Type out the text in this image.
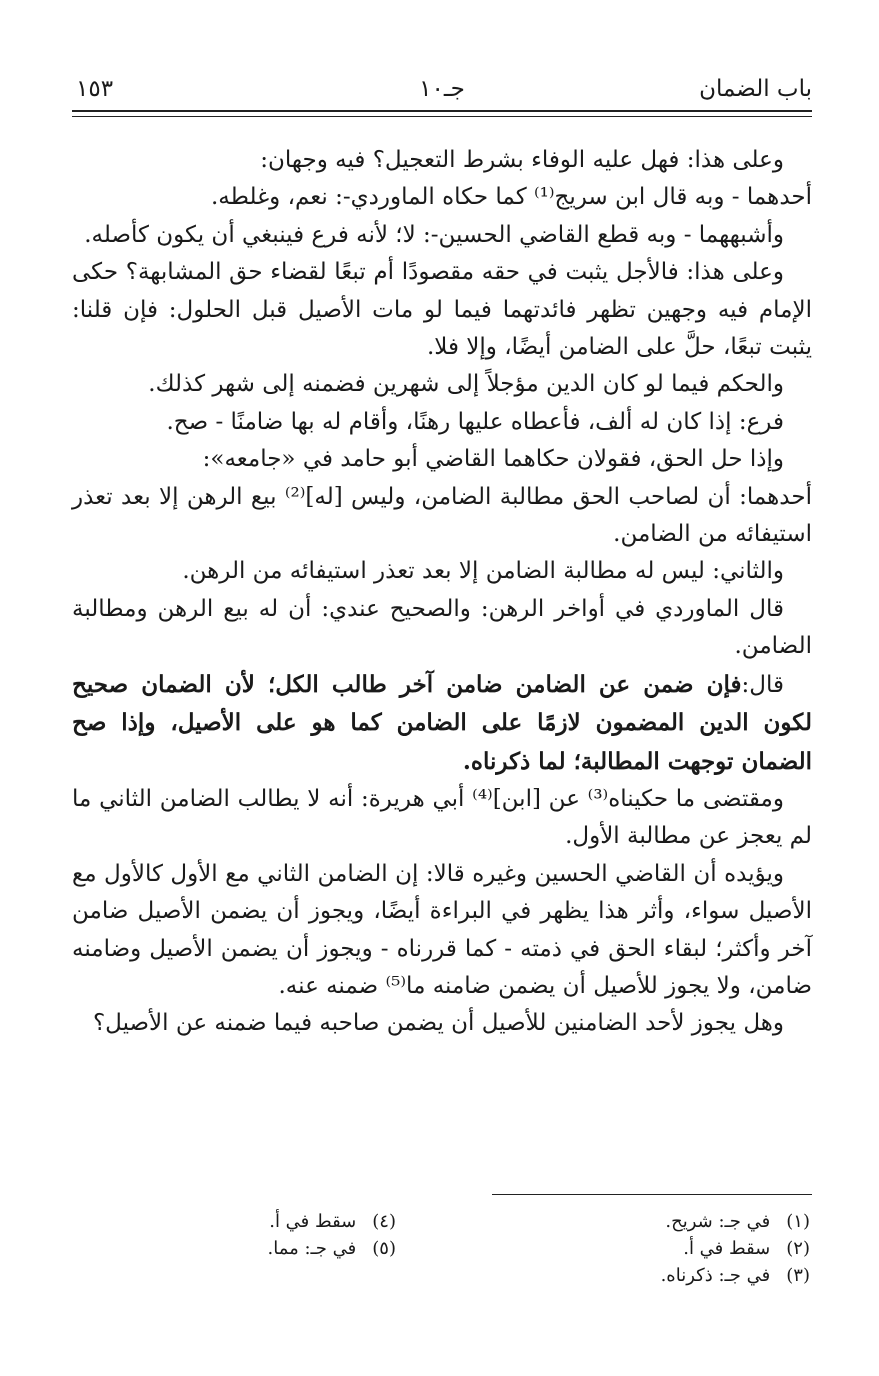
باب الضمان
جـ١٠
١٥٣

وعلى هذا: فهل عليه الوفاء بشرط التعجيل؟ فيه وجهان:

أحدهما - وبه قال ابن سريج⁽¹⁾ كما حكاه الماوردي-: نعم، وغلطه.

وأشبههما - وبه قطع القاضي الحسين-: لا؛ لأنه فرع فينبغي أن يكون كأصله.

وعلى هذا: فالأجل يثبت في حقه مقصودًا أم تبعًا لقضاء حق المشابهة؟ حكى الإمام فيه وجهين تظهر فائدتهما فيما لو مات الأصيل قبل الحلول: فإن قلنا: يثبت تبعًا، حلَّ على الضامن أيضًا، وإلا فلا.

والحكم فيما لو كان الدين مؤجلاً إلى شهرين فضمنه إلى شهر كذلك.

فرع: إذا كان له ألف، فأعطاه عليها رهنًا، وأقام له بها ضامنًا - صح.

وإذا حل الحق، فقولان حكاهما القاضي أبو حامد في «جامعه»:

أحدهما: أن لصاحب الحق مطالبة الضامن، وليس [له]⁽²⁾ بيع الرهن إلا بعد تعذر استيفائه من الضامن.

والثاني: ليس له مطالبة الضامن إلا بعد تعذر استيفائه من الرهن.

قال الماوردي في أواخر الرهن: والصحيح عندي: أن له بيع الرهن ومطالبة الضامن.

قال:فإن ضمن عن الضامن ضامن آخر طالب الكل؛ لأن الضمان صحيح لكون الدين المضمون لازمًا على الضامن كما هو على الأصيل، وإذا صح الضمان توجهت المطالبة؛ لما ذكرناه.

ومقتضى ما حكيناه⁽³⁾ عن [ابن]⁽⁴⁾ أبي هريرة: أنه لا يطالب الضامن الثاني ما لم يعجز عن مطالبة الأول.

ويؤيده أن القاضي الحسين وغيره قالا: إن الضامن الثاني مع الأول كالأول مع الأصيل سواء، وأثر هذا يظهر في البراءة أيضًا، ويجوز أن يضمن الأصيل ضامن آخر وأكثر؛ لبقاء الحق في ذمته - كما قررناه - ويجوز أن يضمن الأصيل وضامنه ضامن، ولا يجوز للأصيل أن يضمن ضامنه ما⁽⁵⁾ ضمنه عنه.

وهل يجوز لأحد الضامنين للأصيل أن يضمن صاحبه فيما ضمنه عن الأصيل؟

(١) في جـ: شريح.
(٢) سقط في أ.
(٣) في جـ: ذكرناه.
(٤) سقط في أ.
(٥) في جـ: مما.
